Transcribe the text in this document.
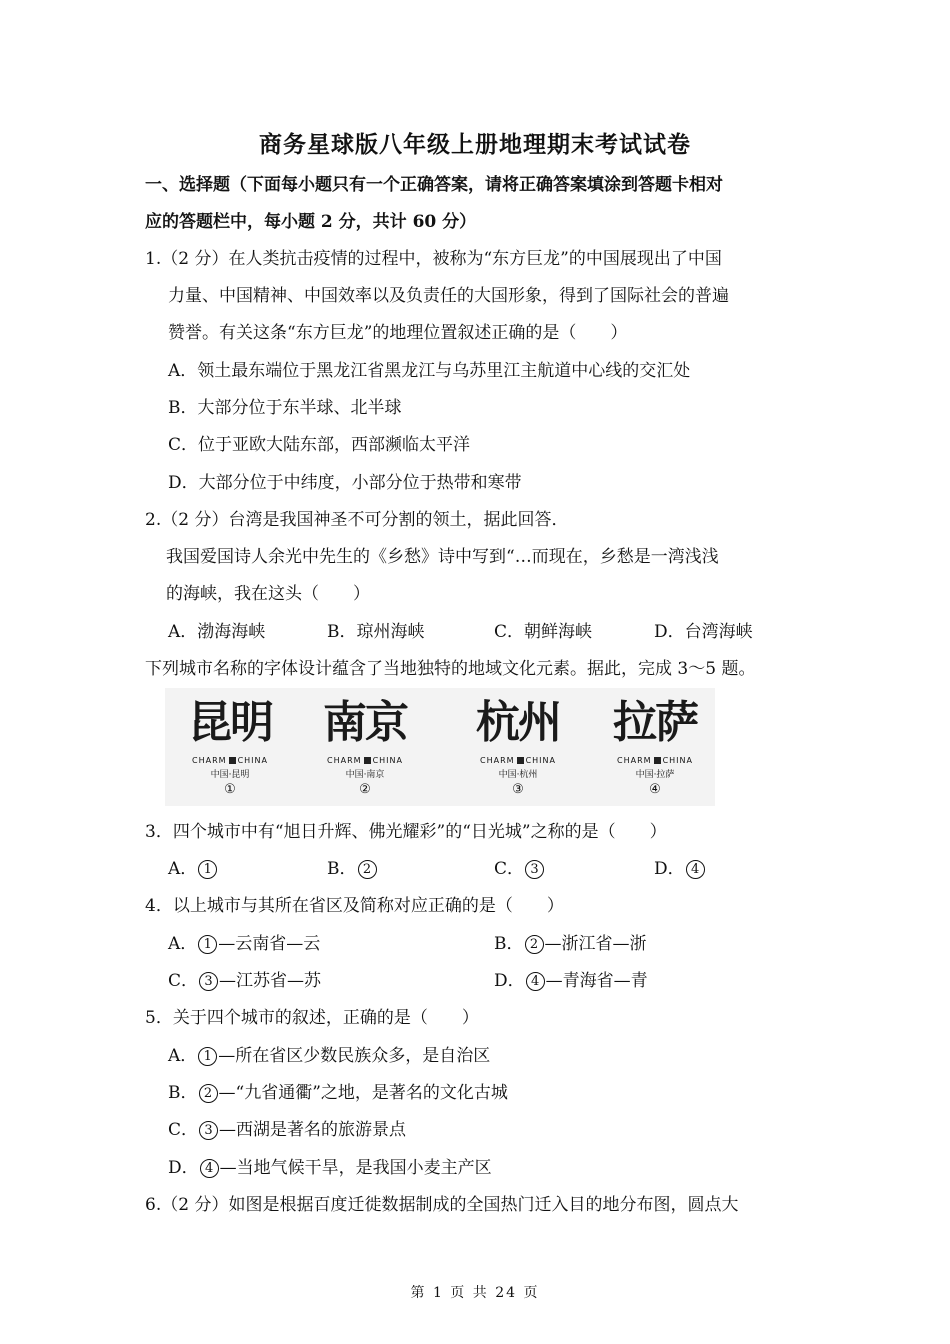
商务星球版八年级上册地理期末考试试卷
一、选择题（下面每小题只有一个正确答案，请将正确答案填涂到答题卡相对
应的答题栏中，每小题 2 分，共计 60 分）
1.（2 分）在人类抗击疫情的过程中，被称为“东方巨龙”的中国展现出了中国
力量、中国精神、中国效率以及负责任的大国形象，得到了国际社会的普遍
赞誉。有关这条“东方巨龙”的地理位置叙述正确的是（　　）
A．领土最东端位于黑龙江省黑龙江与乌苏里江主航道中心线的交汇处
B．大部分位于东半球、北半球
C．位于亚欧大陆东部，西部濒临太平洋
D．大部分位于中纬度，小部分位于热带和寒带
2.（2 分）台湾是我国神圣不可分割的领土，据此回答．
我国爱国诗人余光中先生的《乡愁》诗中写到“…而现在，乡愁是一湾浅浅
的海峡，我在这头（　　）
A．渤海海峡	B．琼州海峡	C．朝鲜海峡	D．台湾海峡
下列城市名称的字体设计蕴含了当地独特的地域文化元素。据此，完成 3～5 题。
昆明
CHARM CHINA
中国·昆明
①
南京
CHARM CHINA
中国·南京
②
杭州
CHARM CHINA
中国·杭州
③
拉萨
CHARM CHINA
中国·拉萨
④
3．四个城市中有“旭日升辉、佛光耀彩”的“日光城”之称的是（　　）
A． 1	B． 2	C． 3	D． 4
4．以上城市与其所在省区及简称对应正确的是（　　）
A． 1 —云南省—云	B． 2 —浙江省—浙
C． 3 —江苏省—苏	D． 4 —青海省—青
5．关于四个城市的叙述，正确的是（　　）
A． 1 —所在省区少数民族众多，是自治区
B． 2 —“九省通衢”之地，是著名的文化古城
C． 3 —西湖是著名的旅游景点
D． 4 —当地气候干旱，是我国小麦主产区
6.（2 分）如图是根据百度迁徙数据制成的全国热门迁入目的地分布图，圆点大
第 1 页 共 24 页
